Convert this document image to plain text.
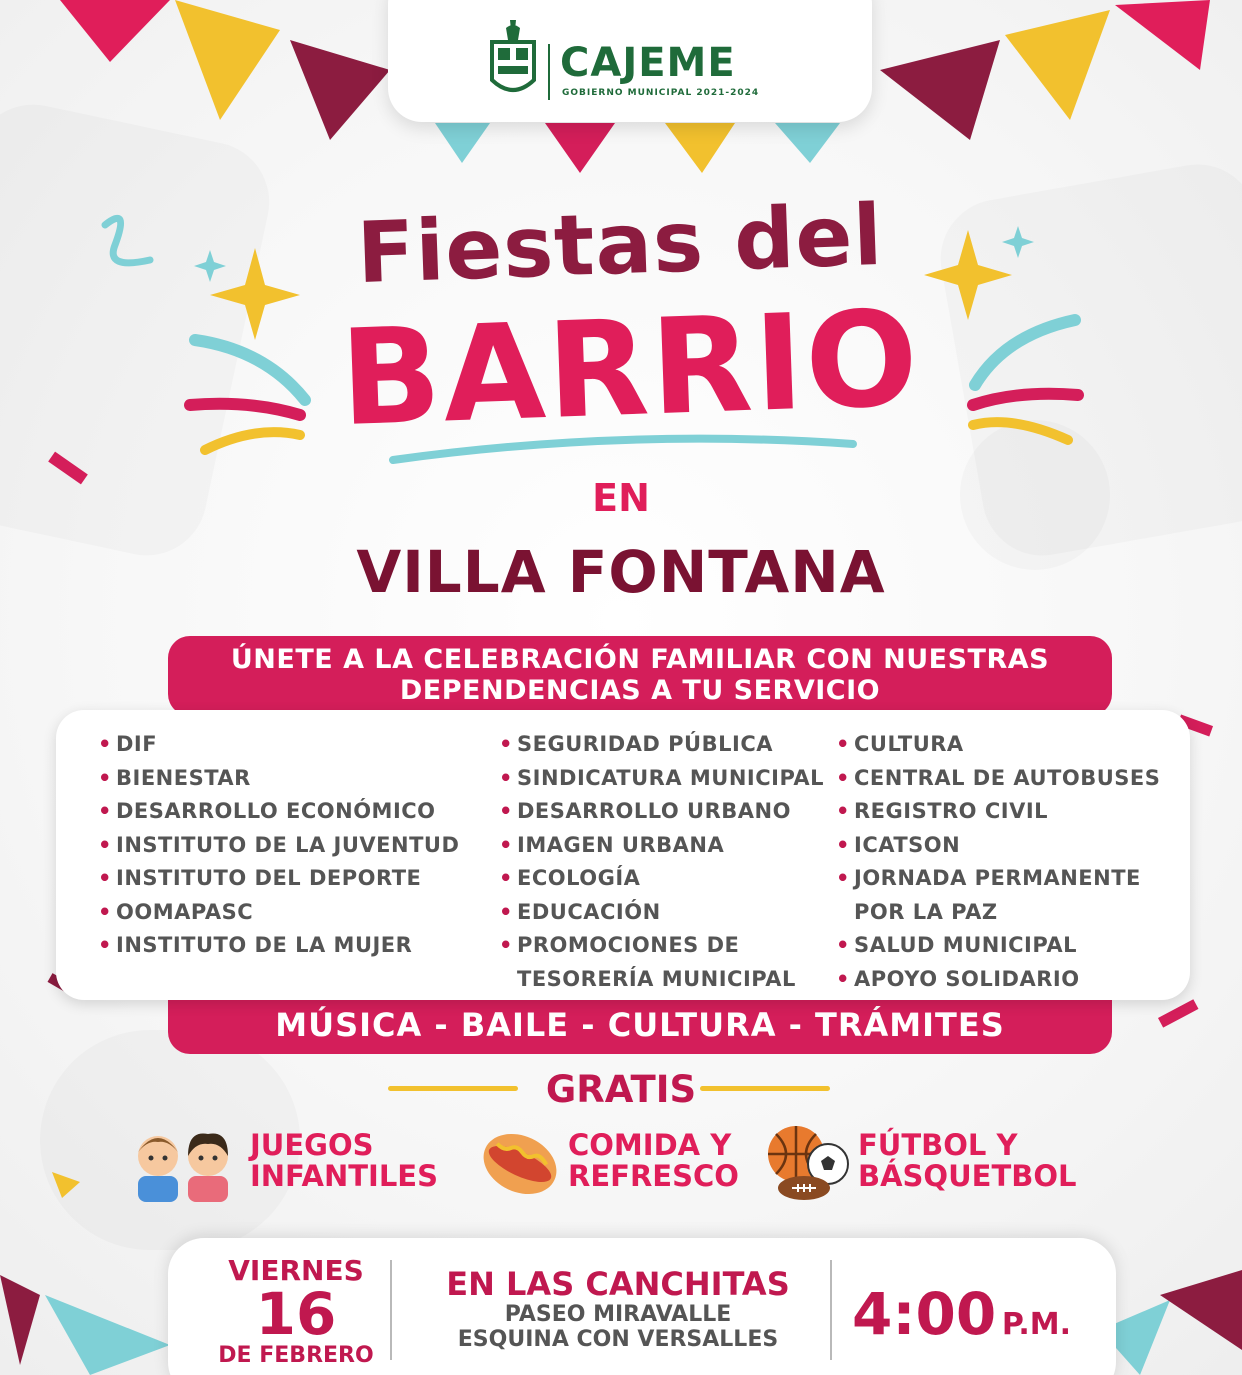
CAJEME
GOBIERNO MUNICIPAL 2021-2024
Fiestas del
BARRIO
EN
VILLA FONTANA
ÚNETE A LA CELEBRACIÓN FAMILIAR CON NUESTRAS
DEPENDENCIAS A TU SERVICIO
MÚSICA - BAILE - CULTURA - TRÁMITES
• DIF
• BIENESTAR
• DESARROLLO ECONÓMICO
• INSTITUTO DE LA JUVENTUD
• INSTITUTO DEL DEPORTE
• OOMAPASC
• INSTITUTO DE LA MUJER
• SEGURIDAD PÚBLICA
• SINDICATURA MUNICIPAL
• DESARROLLO URBANO
• IMAGEN URBANA
• ECOLOGÍA
• EDUCACIÓN
• PROMOCIONES DE
TESORERÍA MUNICIPAL
• CULTURA
• CENTRAL DE AUTOBUSES
• REGISTRO CIVIL
• ICATSON
• JORNADA PERMANENTE
POR LA PAZ
• SALUD MUNICIPAL
• APOYO SOLIDARIO
GRATIS
JUEGOS
INFANTILES
COMIDA Y
REFRESCO
FÚTBOL Y
BÁSQUETBOL
VIERNES
16
DE FEBRERO
EN LAS CANCHITAS
PASEO MIRAVALLE
ESQUINA CON VERSALLES	4:00 P.M.
